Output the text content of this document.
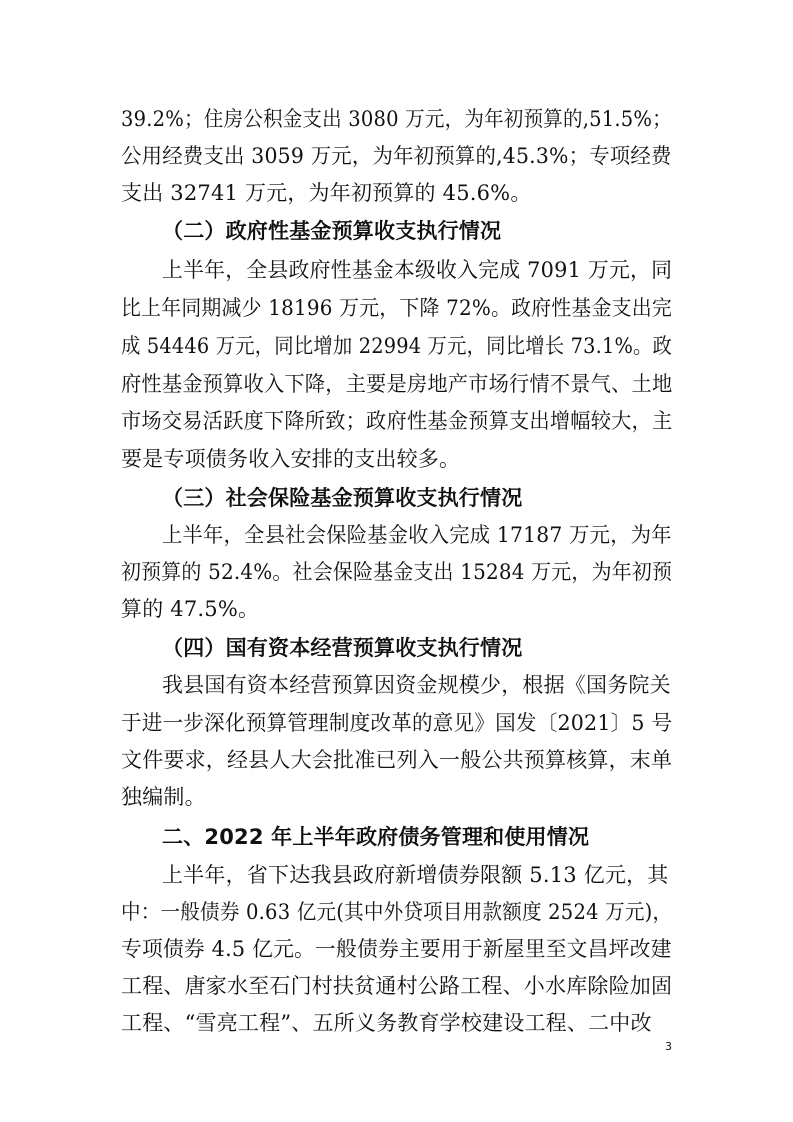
39.2%；住房公积金支出 3080 万元，为年初预算的,51.5%；

公用经费支出 3059 万元，为年初预算的,45.3%；专项经费

支出 32741 万元，为年初预算的 45.6%。

（二）政府性基金预算收支执行情况

上半年，全县政府性基金本级收入完成 7091 万元，同

比上年同期减少 18196 万元，下降 72%。政府性基金支出完

成 54446 万元，同比增加 22994 万元，同比增长 73.1%。政

府性基金预算收入下降，主要是房地产市场行情不景气、土地

市场交易活跃度下降所致；政府性基金预算支出增幅较大，主

要是专项债务收入安排的支出较多。

（三）社会保险基金预算收支执行情况

上半年，全县社会保险基金收入完成 17187 万元，为年

初预算的 52.4%。社会保险基金支出 15284 万元，为年初预

算的 47.5%。

（四）国有资本经营预算收支执行情况

我县国有资本经营预算因资金规模少，根据《国务院关

于进一步深化预算管理制度改革的意见》国发〔2021〕5 号

文件要求，经县人大会批准已列入一般公共预算核算，末单

独编制。

二、2022 年上半年政府债务管理和使用情况

上半年，省下达我县政府新增债券限额 5.13 亿元，其

中：一般债券 0.63 亿元(其中外贷项目用款额度 2524 万元)，

专项债券 4.5 亿元。一般债券主要用于新屋里至文昌坪改建

工程、唐家水至石门村扶贫通村公路工程、小水库除险加固

工程、“雪亮工程”、五所义务教育学校建设工程、二中改

3
